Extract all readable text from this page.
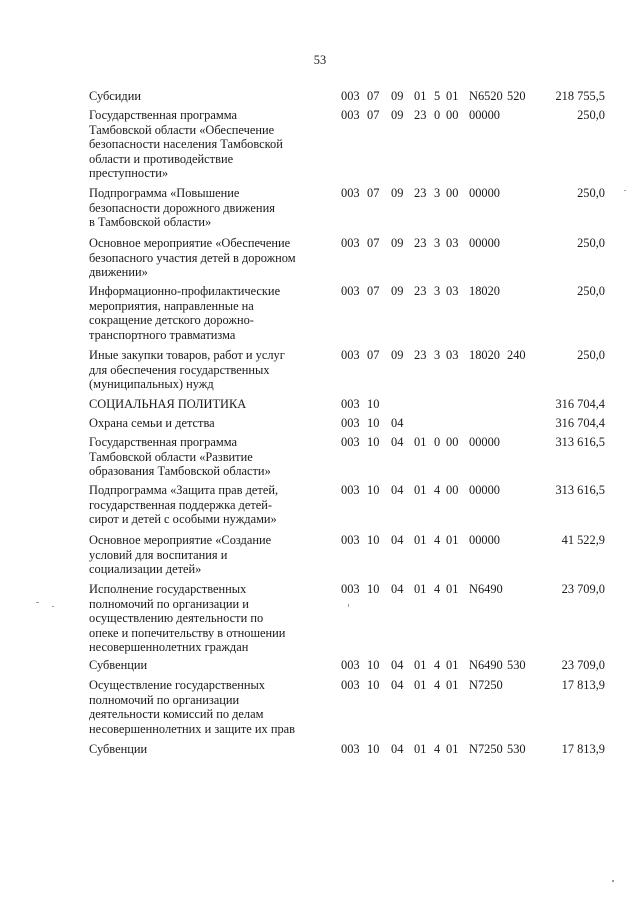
53
Субсидии	003 07 09 01 5 01 N6520 520 218 755,5
Государственная программа
Тамбовской области «Обеспечение
безопасности населения Тамбовской
области и противодействие
преступности»
003 07 09 23 0 00 00000	250,0
Подпрограмма «Повышение
безопасности дорожного движения
в Тамбовской области»
003 07 09 23 3 00 00000	250,0
Основное мероприятие «Обеспечение
безопасного участия детей в дорожном
движении»
003 07 09 23 3 03 00000	250,0
Информационно-профилактические
мероприятия, направленные на
сокращение детского дорожно-
транспортного травматизма
003 07 09 23 3 03 18020	250,0
Иные закупки товаров, работ и услуг
для обеспечения государственных
(муниципальных) нужд
003 07 09 23 3 03 18020 240	250,0
СОЦИАЛЬНАЯ ПОЛИТИКА	003 10	316 704,4
Охрана семьи и детства	003 10 04	316 704,4
Государственная программа
Тамбовской области «Развитие
образования Тамбовской области»
003 10 04 01 0 00 00000	313 616,5
Подпрограмма «Защита прав детей,
государственная поддержка детей-
сирот и детей с особыми нуждами»
003 10 04 01 4 00 00000	313 616,5
Основное мероприятие «Создание
условий для воспитания и
социализации детей»
003 10 04 01 4 01 00000	41 522,9
Исполнение государственных
полномочий по организации и
осуществлению деятельности по
опеке и попечительству в отношении
несовершеннолетних граждан
003 10 04 01 4 01 N6490	23 709,0
Субвенции	003 10 04 01 4 01 N6490 530	23 709,0
Осуществление государственных
полномочий по организации
деятельности комиссий по делам
несовершеннолетних и защите их прав
003 10 04 01 4 01 N7250	17 813,9
Субвенции	003 10 04 01 4 01 N7250 530	17 813,9
